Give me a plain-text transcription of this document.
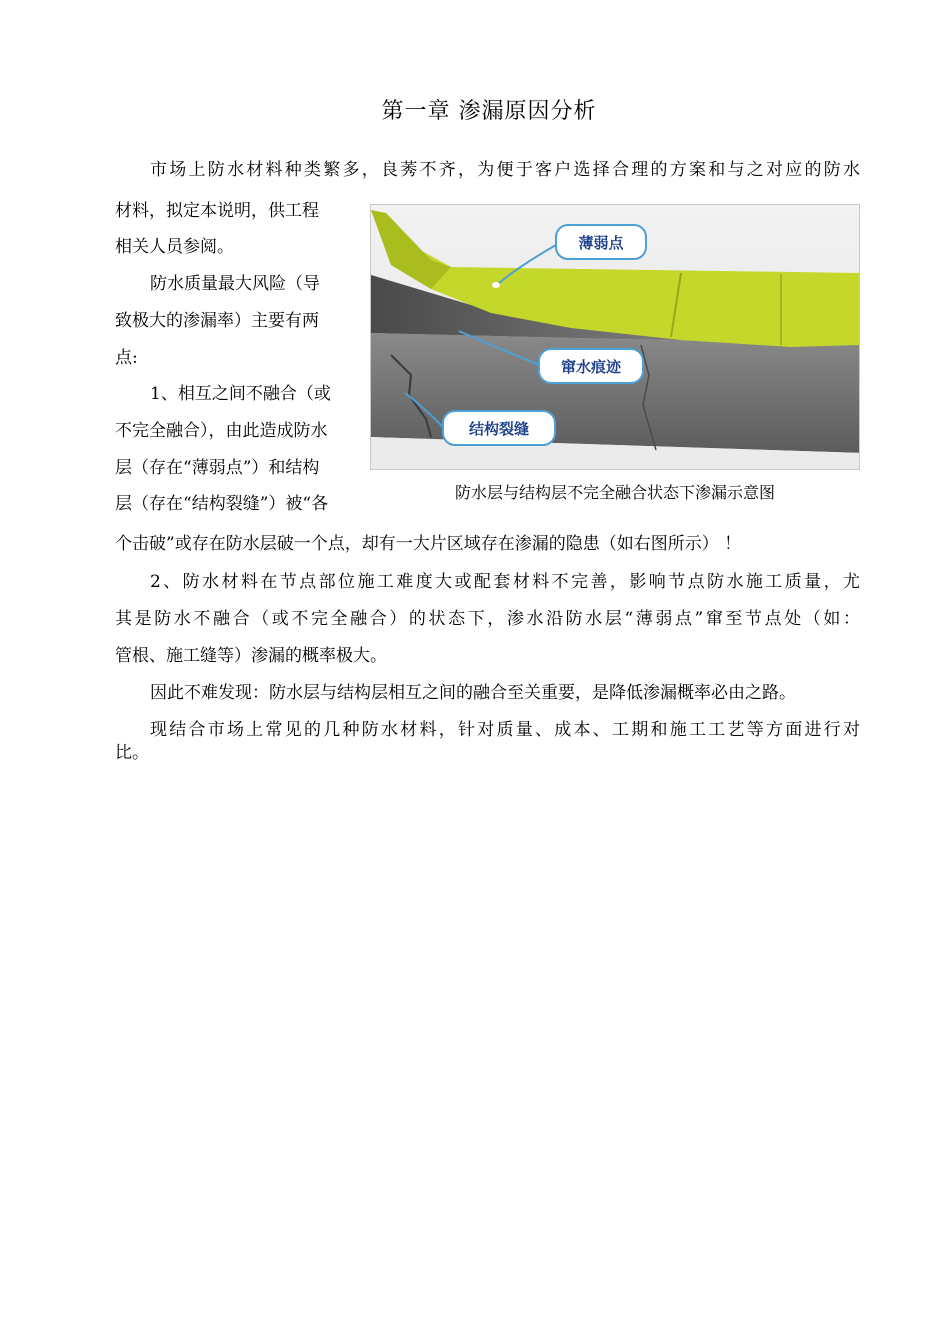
第一章 渗漏原因分析
市场上防水材料种类繁多，良莠不齐，为便于客户选择合理的方案和与之对应的防水
材料，拟定本说明，供工程
相关人员参阅。
防水质量最大风险（导
致极大的渗漏率）主要有两
点:
1、相互之间不融合（或
不完全融合），由此造成防水
层（存在“薄弱点”）和结构
层（存在“结构裂缝”）被“各
个击破”或存在防水层破一个点，却有一大片区域存在渗漏的隐患（如右图所示） ！
2、防水材料在节点部位施工难度大或配套材料不完善，影响节点防水施工质量，尤
其是防水不融合（或不完全融合）的状态下，渗水沿防水层“薄弱点”窜至节点处（如：
管根、施工缝等）渗漏的概率极大。
因此不难发现：防水层与结构层相互之间的融合至关重要，是降低渗漏概率必由之路。
现结合市场上常见的几种防水材料，针对质量、成本、工期和施工工艺等方面进行对
比。
薄弱点
窜水痕迹
结构裂缝
防水层与结构层不完全融合状态下渗漏示意图
